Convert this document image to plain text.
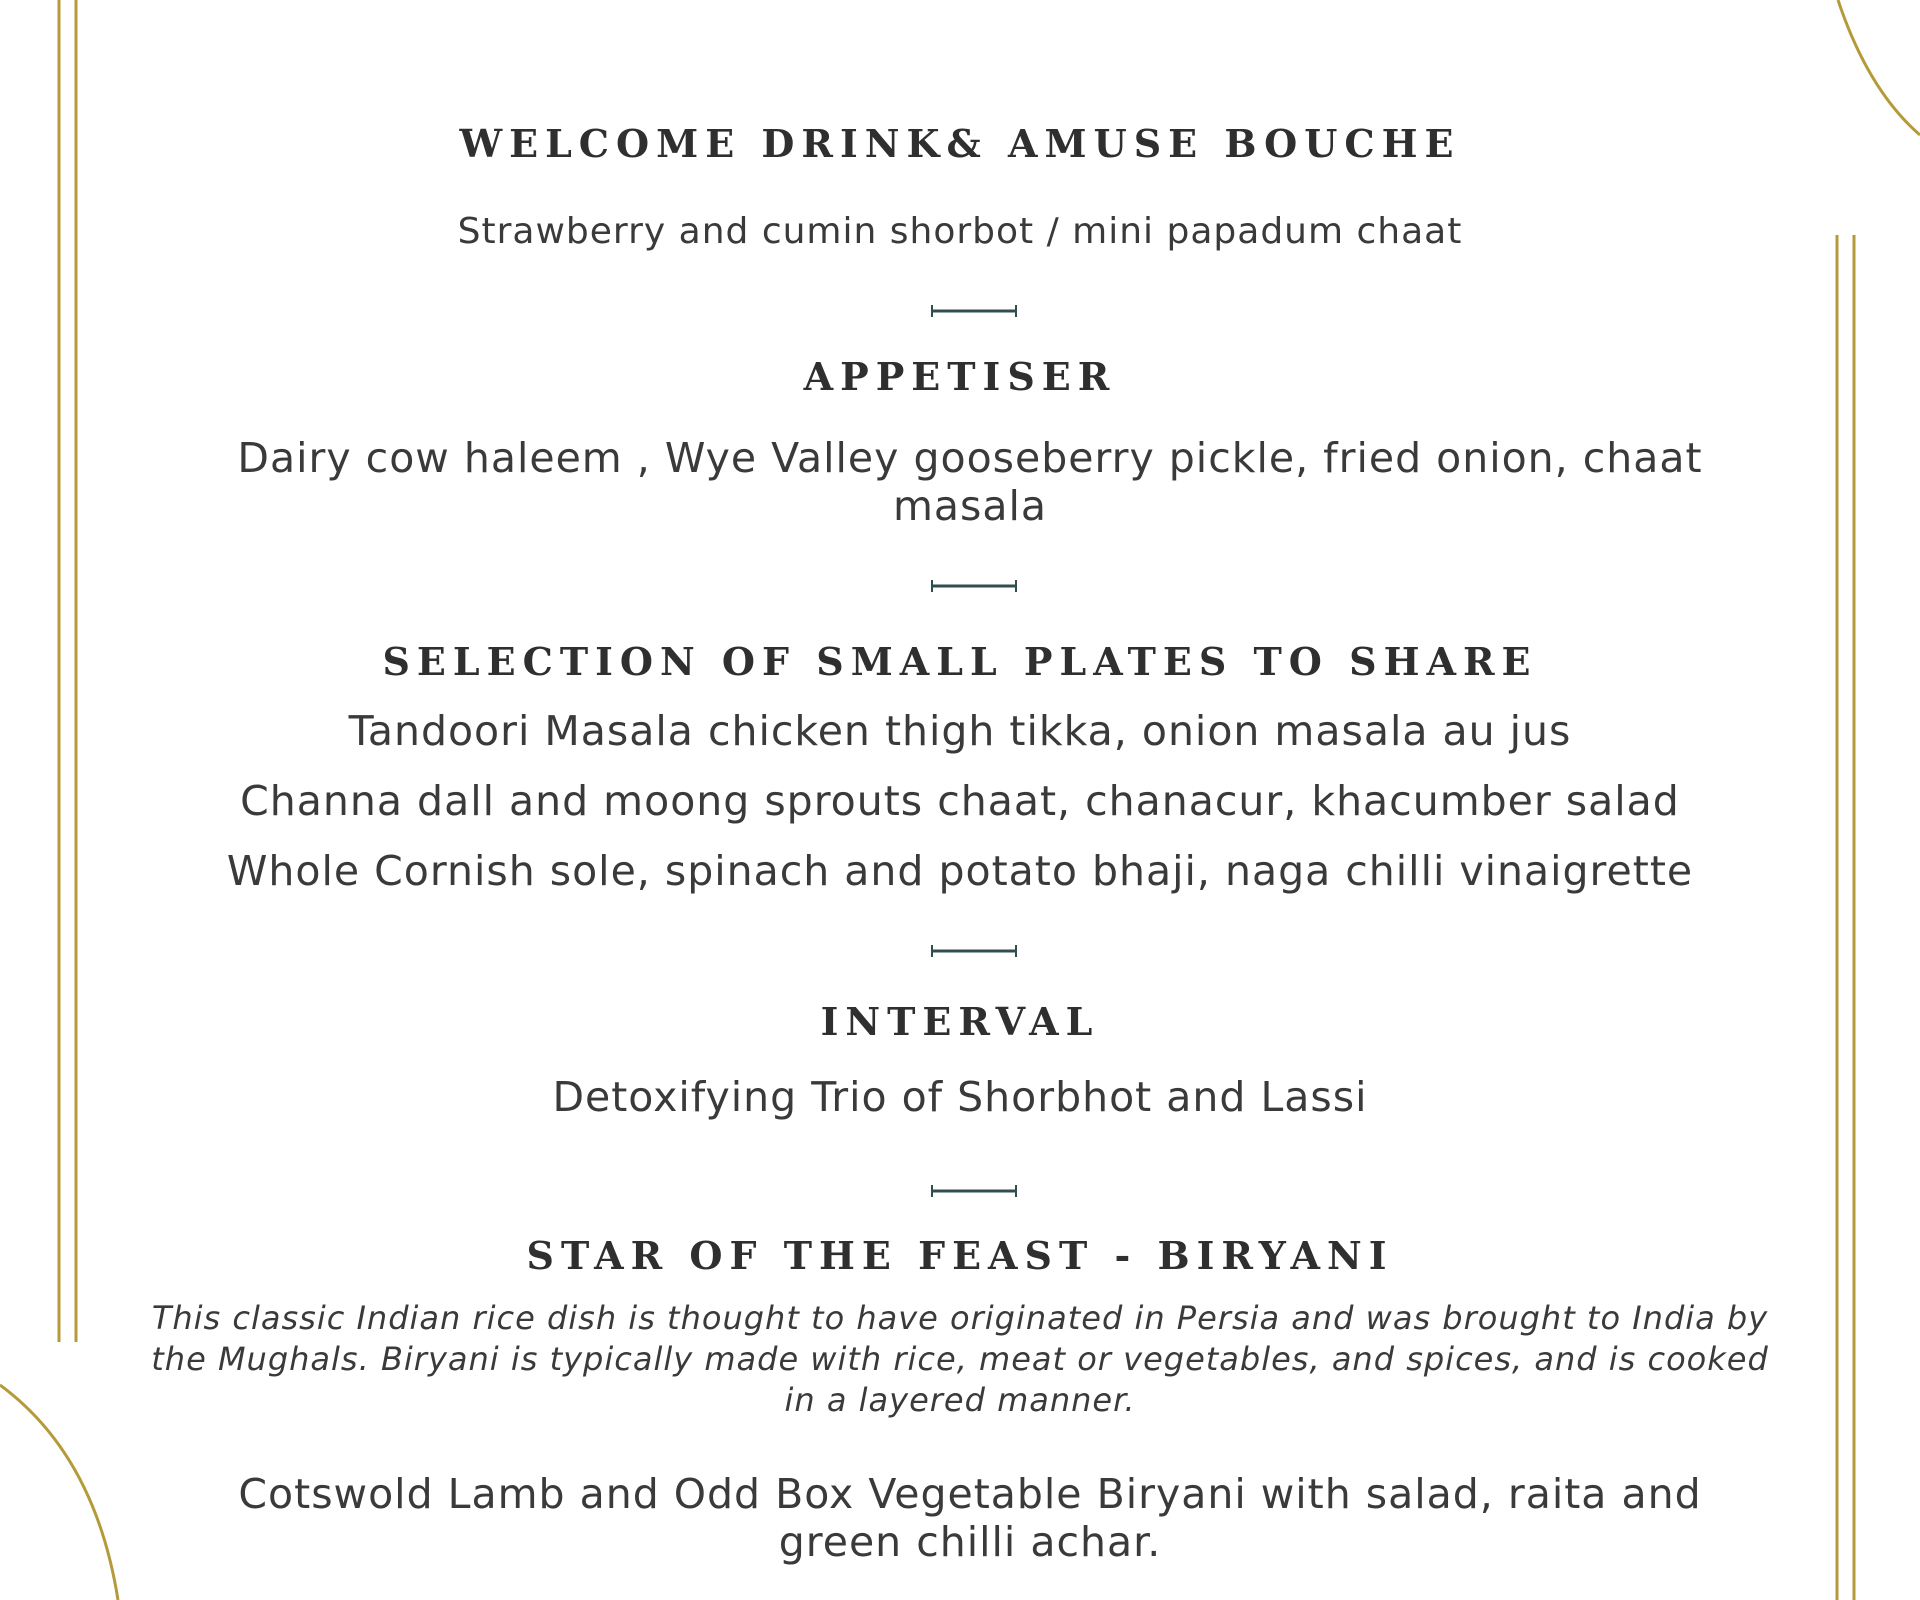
WELCOME DRINK& AMUSE BOUCHE
Strawberry and cumin shorbot / mini papadum chaat
APPETISER
Dairy cow haleem , Wye Valley gooseberry pickle, fried onion, chaat masala
SELECTION OF SMALL PLATES TO SHARE
Tandoori Masala chicken thigh tikka, onion masala au jus
Channa dall and moong sprouts chaat, chanacur, khacumber salad
Whole Cornish sole, spinach and potato bhaji, naga chilli vinaigrette
INTERVAL
Detoxifying Trio of Shorbhot and Lassi
STAR OF THE FEAST - BIRYANI
This classic Indian rice dish is thought to have originated in Persia and was brought to India by the Mughals. Biryani is typically made with rice, meat or vegetables, and spices, and is cooked in a layered manner.
Cotswold Lamb and Odd Box Vegetable Biryani with salad, raita and green chilli achar.
